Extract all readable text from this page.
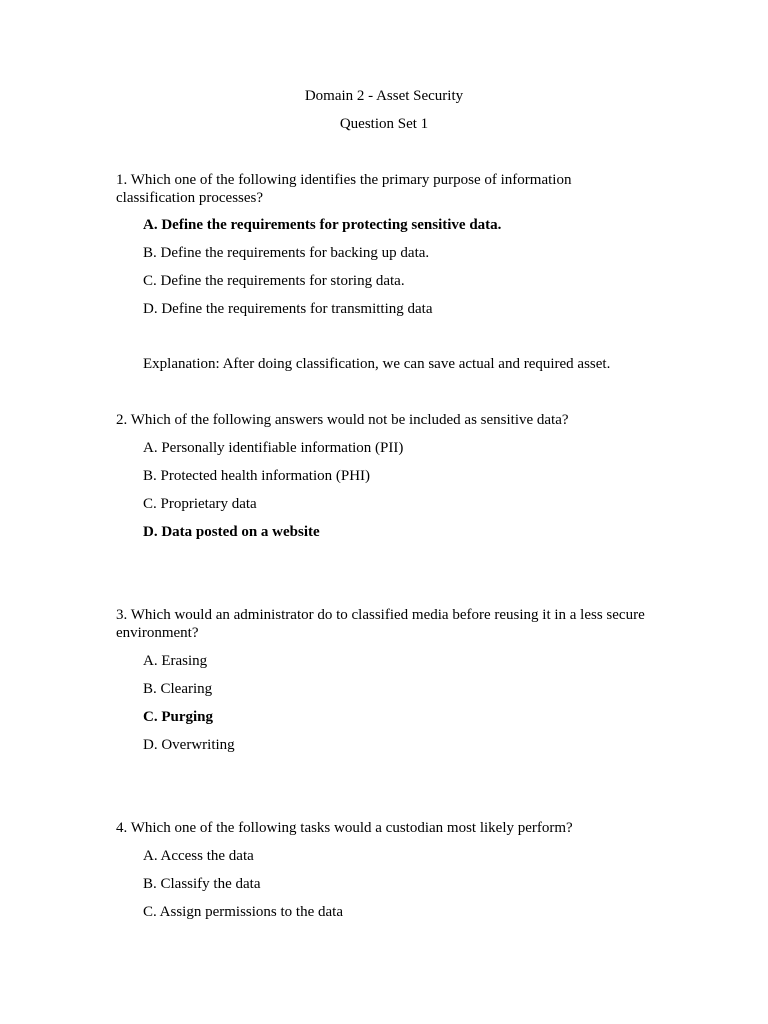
Domain 2 - Asset Security

Question Set 1

1. Which one of the following identifies the primary purpose of information classification processes?

A. Define the requirements for protecting sensitive data.

B. Define the requirements for backing up data.

C. Define the requirements for storing data.

D. Define the requirements for transmitting data

Explanation: After doing classification, we can save actual and required asset.

2. Which of the following answers would not be included as sensitive data?

A. Personally identifiable information (PII)

B. Protected health information (PHI)

C. Proprietary data

D. Data posted on a website

3. Which would an administrator do to classified media before reusing it in a less secure environment?

A. Erasing

B. Clearing

C. Purging

D. Overwriting

4. Which one of the following tasks would a custodian most likely perform?

A. Access the data

B. Classify the data

C. Assign permissions to the data
